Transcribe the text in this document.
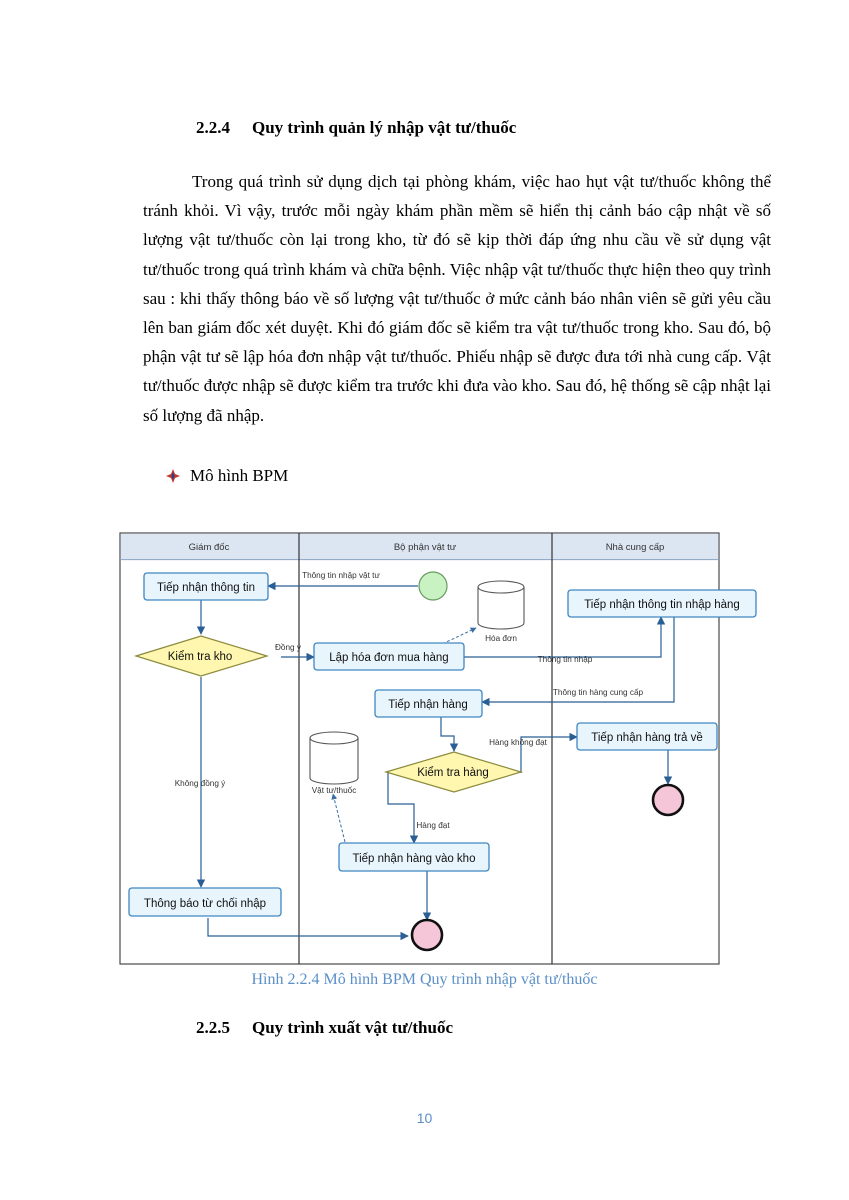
2.2.4 Quy trình quản lý nhập vật tư/thuốc

Trong quá trình sử dụng dịch tại phòng khám, việc hao hụt vật tư/thuốc không thể tránh khỏi. Vì vậy, trước mỗi ngày khám phần mềm sẽ hiển thị cảnh báo cập nhật về số lượng vật tư/thuốc còn lại trong kho, từ đó sẽ kịp thời đáp ứng nhu cầu về sử dụng vật tư/thuốc trong quá trình khám và chữa bệnh. Việc nhập vật tư/thuốc thực hiện theo quy trình sau : khi thấy thông báo về số lượng vật tư/thuốc ở mức cảnh báo nhân viên sẽ gửi yêu cầu lên ban giám đốc xét duyệt. Khi đó giám đốc sẽ kiểm tra vật tư/thuốc trong kho. Sau đó, bộ phận vật tư sẽ lập hóa đơn nhập vật tư/thuốc. Phiếu nhập sẽ được đưa tới nhà cung cấp. Vật tư/thuốc được nhập sẽ được kiểm tra trước khi đưa vào kho. Sau đó, hệ thống sẽ cập nhật lại số lượng đã nhập.

Mô hình BPM
Giám đốc	Bộ phận vật tư	Nhà cung cấp
Thông tin nhập vật tư
Đồng ý
Không đồng ý
Thông tin nhập
Thông tin hàng cung cấp
Hàng không đạt
Hàng đạt
Tiếp nhận thông tin
Lập hóa đơn mua hàng
Tiếp nhận thông tin nhập hàng
Tiếp nhận hàng
Tiếp nhận hàng trả về
Tiếp nhận hàng vào kho
Thông báo từ chối nhập
Kiểm tra kho
Kiểm tra hàng
Hóa đơn
Vật tư/thuốc
Hình 2.2.4 Mô hình BPM Quy trình nhập vật tư/thuốc
2.2.5 Quy trình xuất vật tư/thuốc
10
